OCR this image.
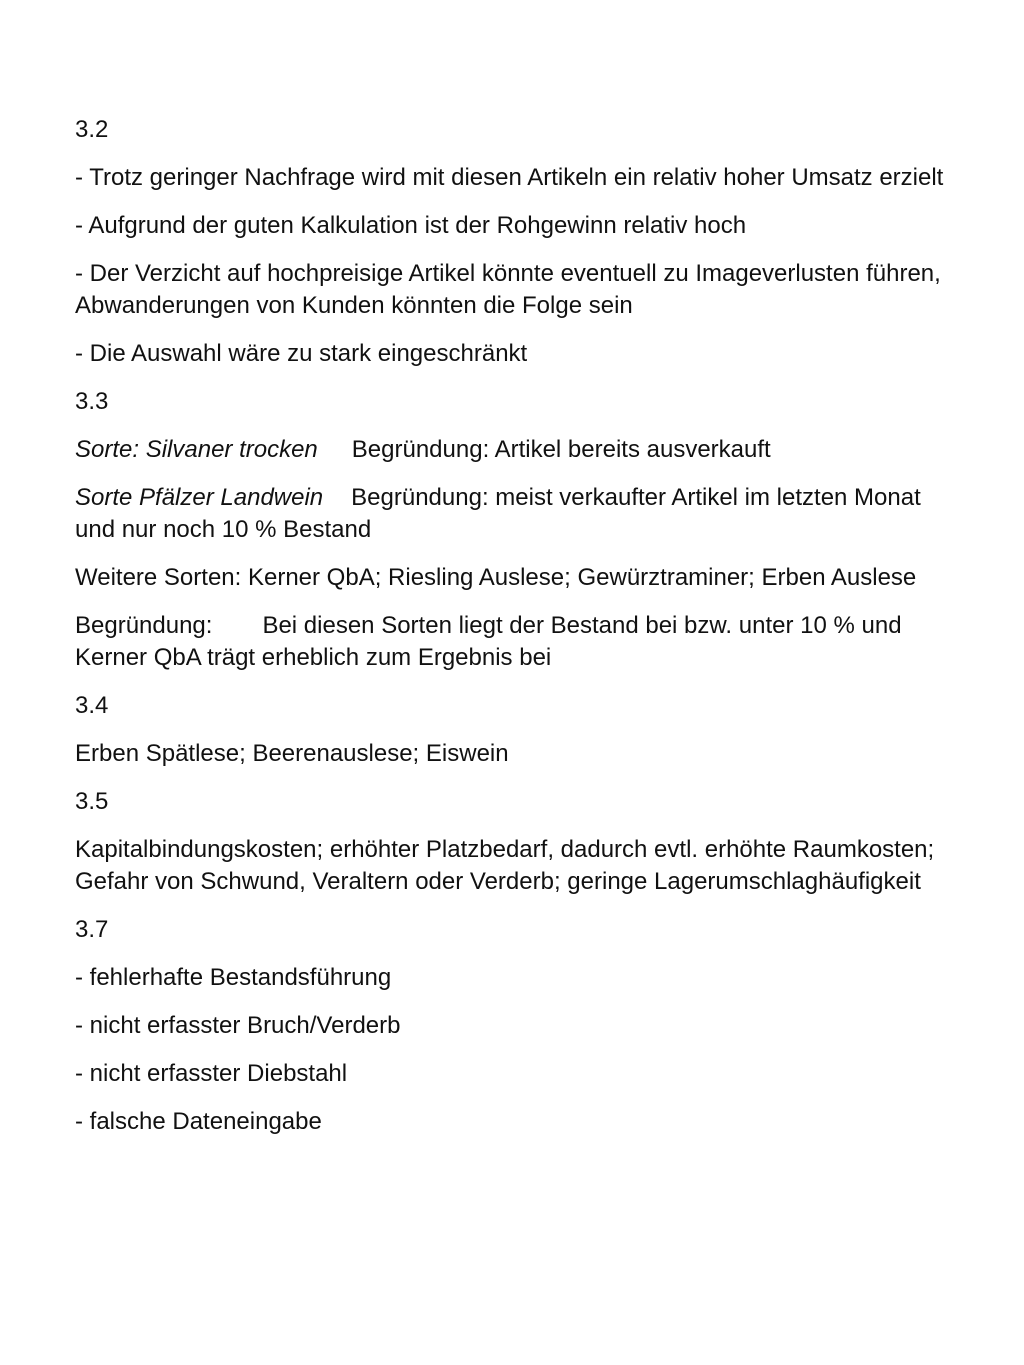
3.2

- Trotz geringer Nachfrage wird mit diesen Artikeln ein relativ hoher Umsatz erzielt

- Aufgrund der guten Kalkulation ist der Rohgewinn relativ hoch

- Der Verzicht auf hochpreisige Artikel könnte eventuell zu Imageverlusten führen, Abwanderungen von Kunden könnten die Folge sein

- Die Auswahl wäre zu stark eingeschränkt

3.3

Sorte: Silvaner trocken Begründung: Artikel bereits ausverkauft

Sorte Pfälzer Landwein Begründung: meist verkaufter Artikel im letzten Monat und nur noch 10 % Bestand

Weitere Sorten: Kerner QbA; Riesling Auslese; Gewürztraminer; Erben Auslese

Begründung: Bei diesen Sorten liegt der Bestand bei bzw. unter 10 % und Kerner QbA trägt erheblich zum Ergebnis bei

3.4

Erben Spätlese; Beerenauslese; Eiswein

3.5

Kapitalbindungskosten; erhöhter Platzbedarf, dadurch evtl. erhöhte Raumkosten; Gefahr von Schwund, Veraltern oder Verderb; geringe Lagerumschlaghäufigkeit

3.7

- fehlerhafte Bestandsführung

- nicht erfasster Bruch/Verderb

- nicht erfasster Diebstahl

- falsche Dateneingabe
